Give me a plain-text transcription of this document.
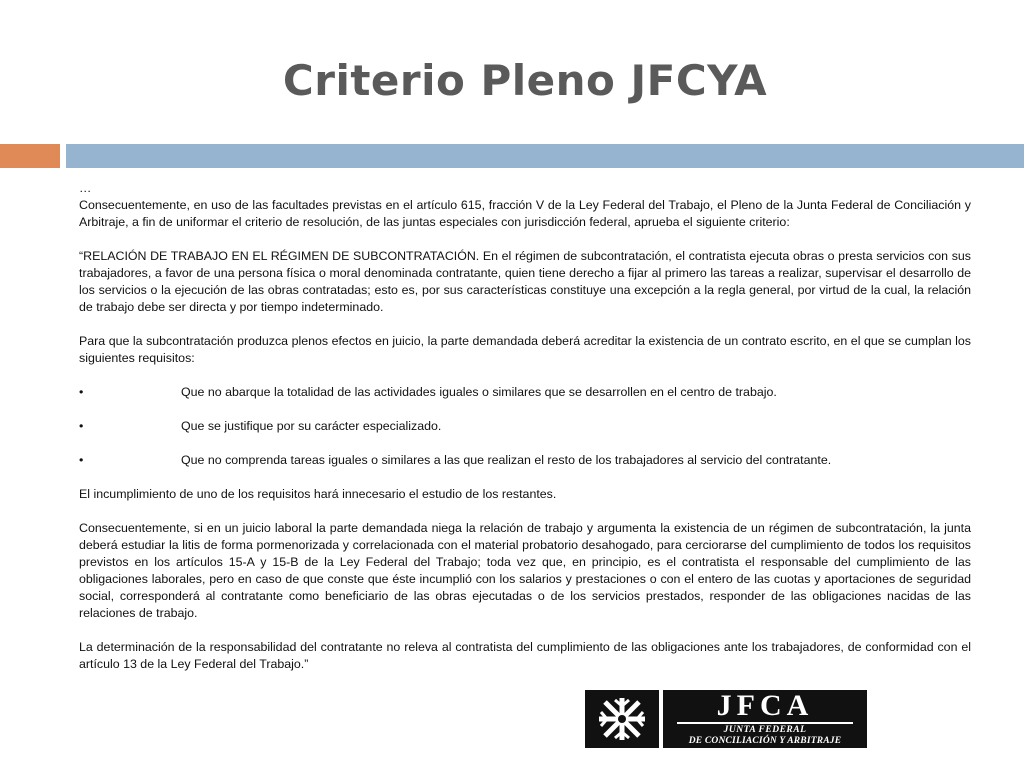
Criterio Pleno JFCYA

…

Consecuentemente, en uso de las facultades previstas en el artículo 615, fracción V de la Ley Federal del Trabajo, el Pleno de la Junta Federal de Conciliación y Arbitraje, a fin de uniformar el criterio de resolución, de las juntas especiales con jurisdicción federal, aprueba el siguiente criterio:

“RELACIÓN DE TRABAJO EN EL RÉGIMEN DE SUBCONTRATACIÓN. En el régimen de subcontratación, el contratista ejecuta obras o presta servicios con sus trabajadores, a favor de una persona física o moral denominada contratante, quien tiene derecho a fijar al primero las tareas a realizar, supervisar el desarrollo de los servicios o la ejecución de las obras contratadas; esto es, por sus características constituye una excepción a la regla general, por virtud de la cual, la relación de trabajo debe ser directa y por tiempo indeterminado.

Para que la subcontratación produzca plenos efectos en juicio, la parte demandada deberá acreditar la existencia de un contrato escrito, en el que se cumplan los siguientes requisitos:

•	Que no abarque la totalidad de las actividades iguales o similares que se desarrollen en el centro de trabajo.
•	Que se justifique por su carácter especializado.
•	Que no comprenda tareas iguales o similares a las que realizan el resto de los trabajadores al servicio del contratante.

El incumplimiento de uno de los requisitos hará innecesario el estudio de los restantes.

Consecuentemente, si en un juicio laboral la parte demandada niega la relación de trabajo y argumenta la existencia de un régimen de subcontratación, la junta deberá estudiar la litis de forma pormenorizada y correlacionada con el material probatorio desahogado, para cerciorarse del cumplimiento de todos los requisitos previstos en los artículos 15-A y 15-B de la Ley Federal del Trabajo; toda vez que, en principio, es el contratista el responsable del cumplimiento de las obligaciones laborales, pero en caso de que conste que éste incumplió con los salarios y prestaciones o con el entero de las cuotas y aportaciones de seguridad social, corresponderá al contratante como beneficiario de las obras ejecutadas o de los servicios prestados, responder de las obligaciones nacidas de las relaciones de trabajo.

La determinación de la responsabilidad del contratante no releva al contratista del cumplimiento de las obligaciones ante los trabajadores, de conformidad con el artículo 13 de la Ley Federal del Trabajo.”

JFCA
JUNTA FEDERAL
DE CONCILIACIÓN Y ARBITRAJE
